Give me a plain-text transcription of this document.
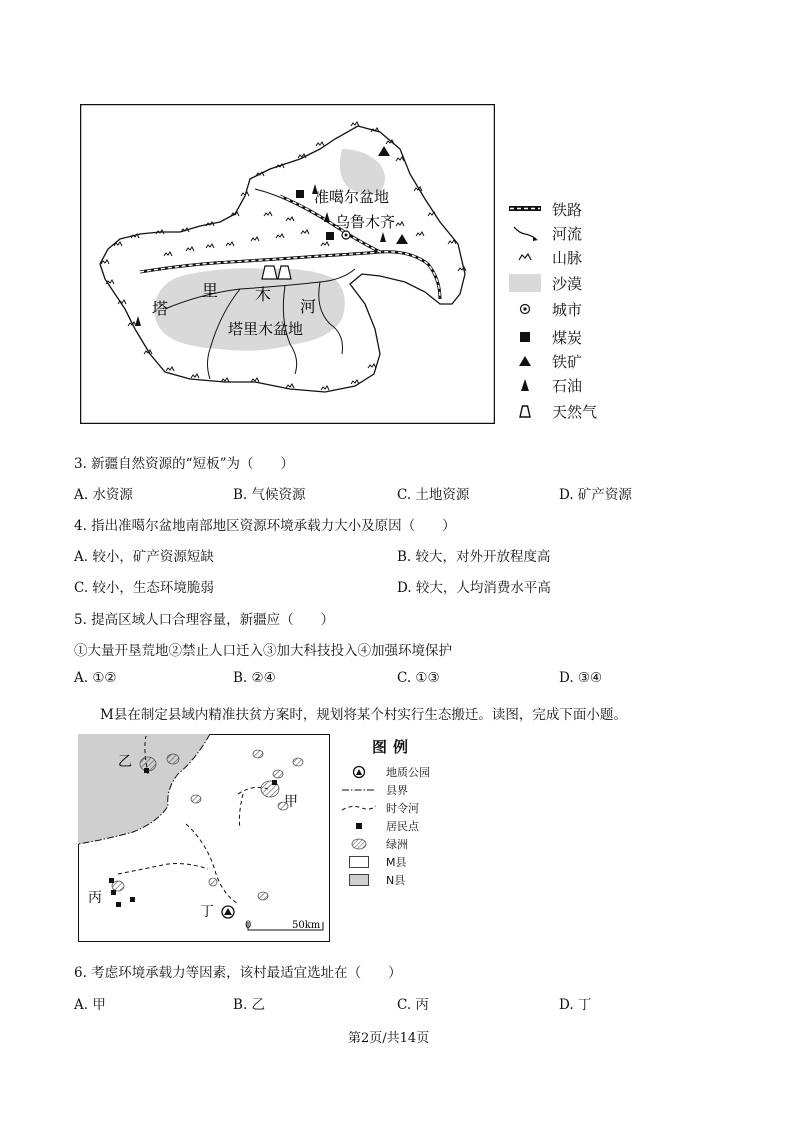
准噶尔盆地
乌鲁木齐
塔
里 木
河
塔里木盆地
铁路
河流
山脉
沙漠
城市
煤炭
铁矿
石油
天然气
3. 新疆自然资源的“短板”为（　　）
A. 水资源	B. 气候资源	C. 土地资源	D. 矿产资源
4. 指出准噶尔盆地南部地区资源环境承载力大小及原因（　　）
A. 较小，矿产资源短缺	B. 较大，对外开放程度高
C. 较小，生态环境脆弱	D. 较大，人均消费水平高
5. 提高区域人口合理容量，新疆应（　　）
①大量开垦荒地②禁止人口迁入③加大科技投入④加强环境保护
A. ①②	B. ②④	C. ①③	D. ③④
M县在制定县域内精准扶贫方案时，规划将某个村实行生态搬迁。读图，完成下面小题。
0	50km
乙
甲
丙
丁
图例
地质公园
县界
时令河
居民点
绿洲
M县
N县
6. 考虑环境承载力等因素，该村最适宜选址在（　　）
A. 甲	B. 乙	C. 丙	D. 丁
第2页/共14页
